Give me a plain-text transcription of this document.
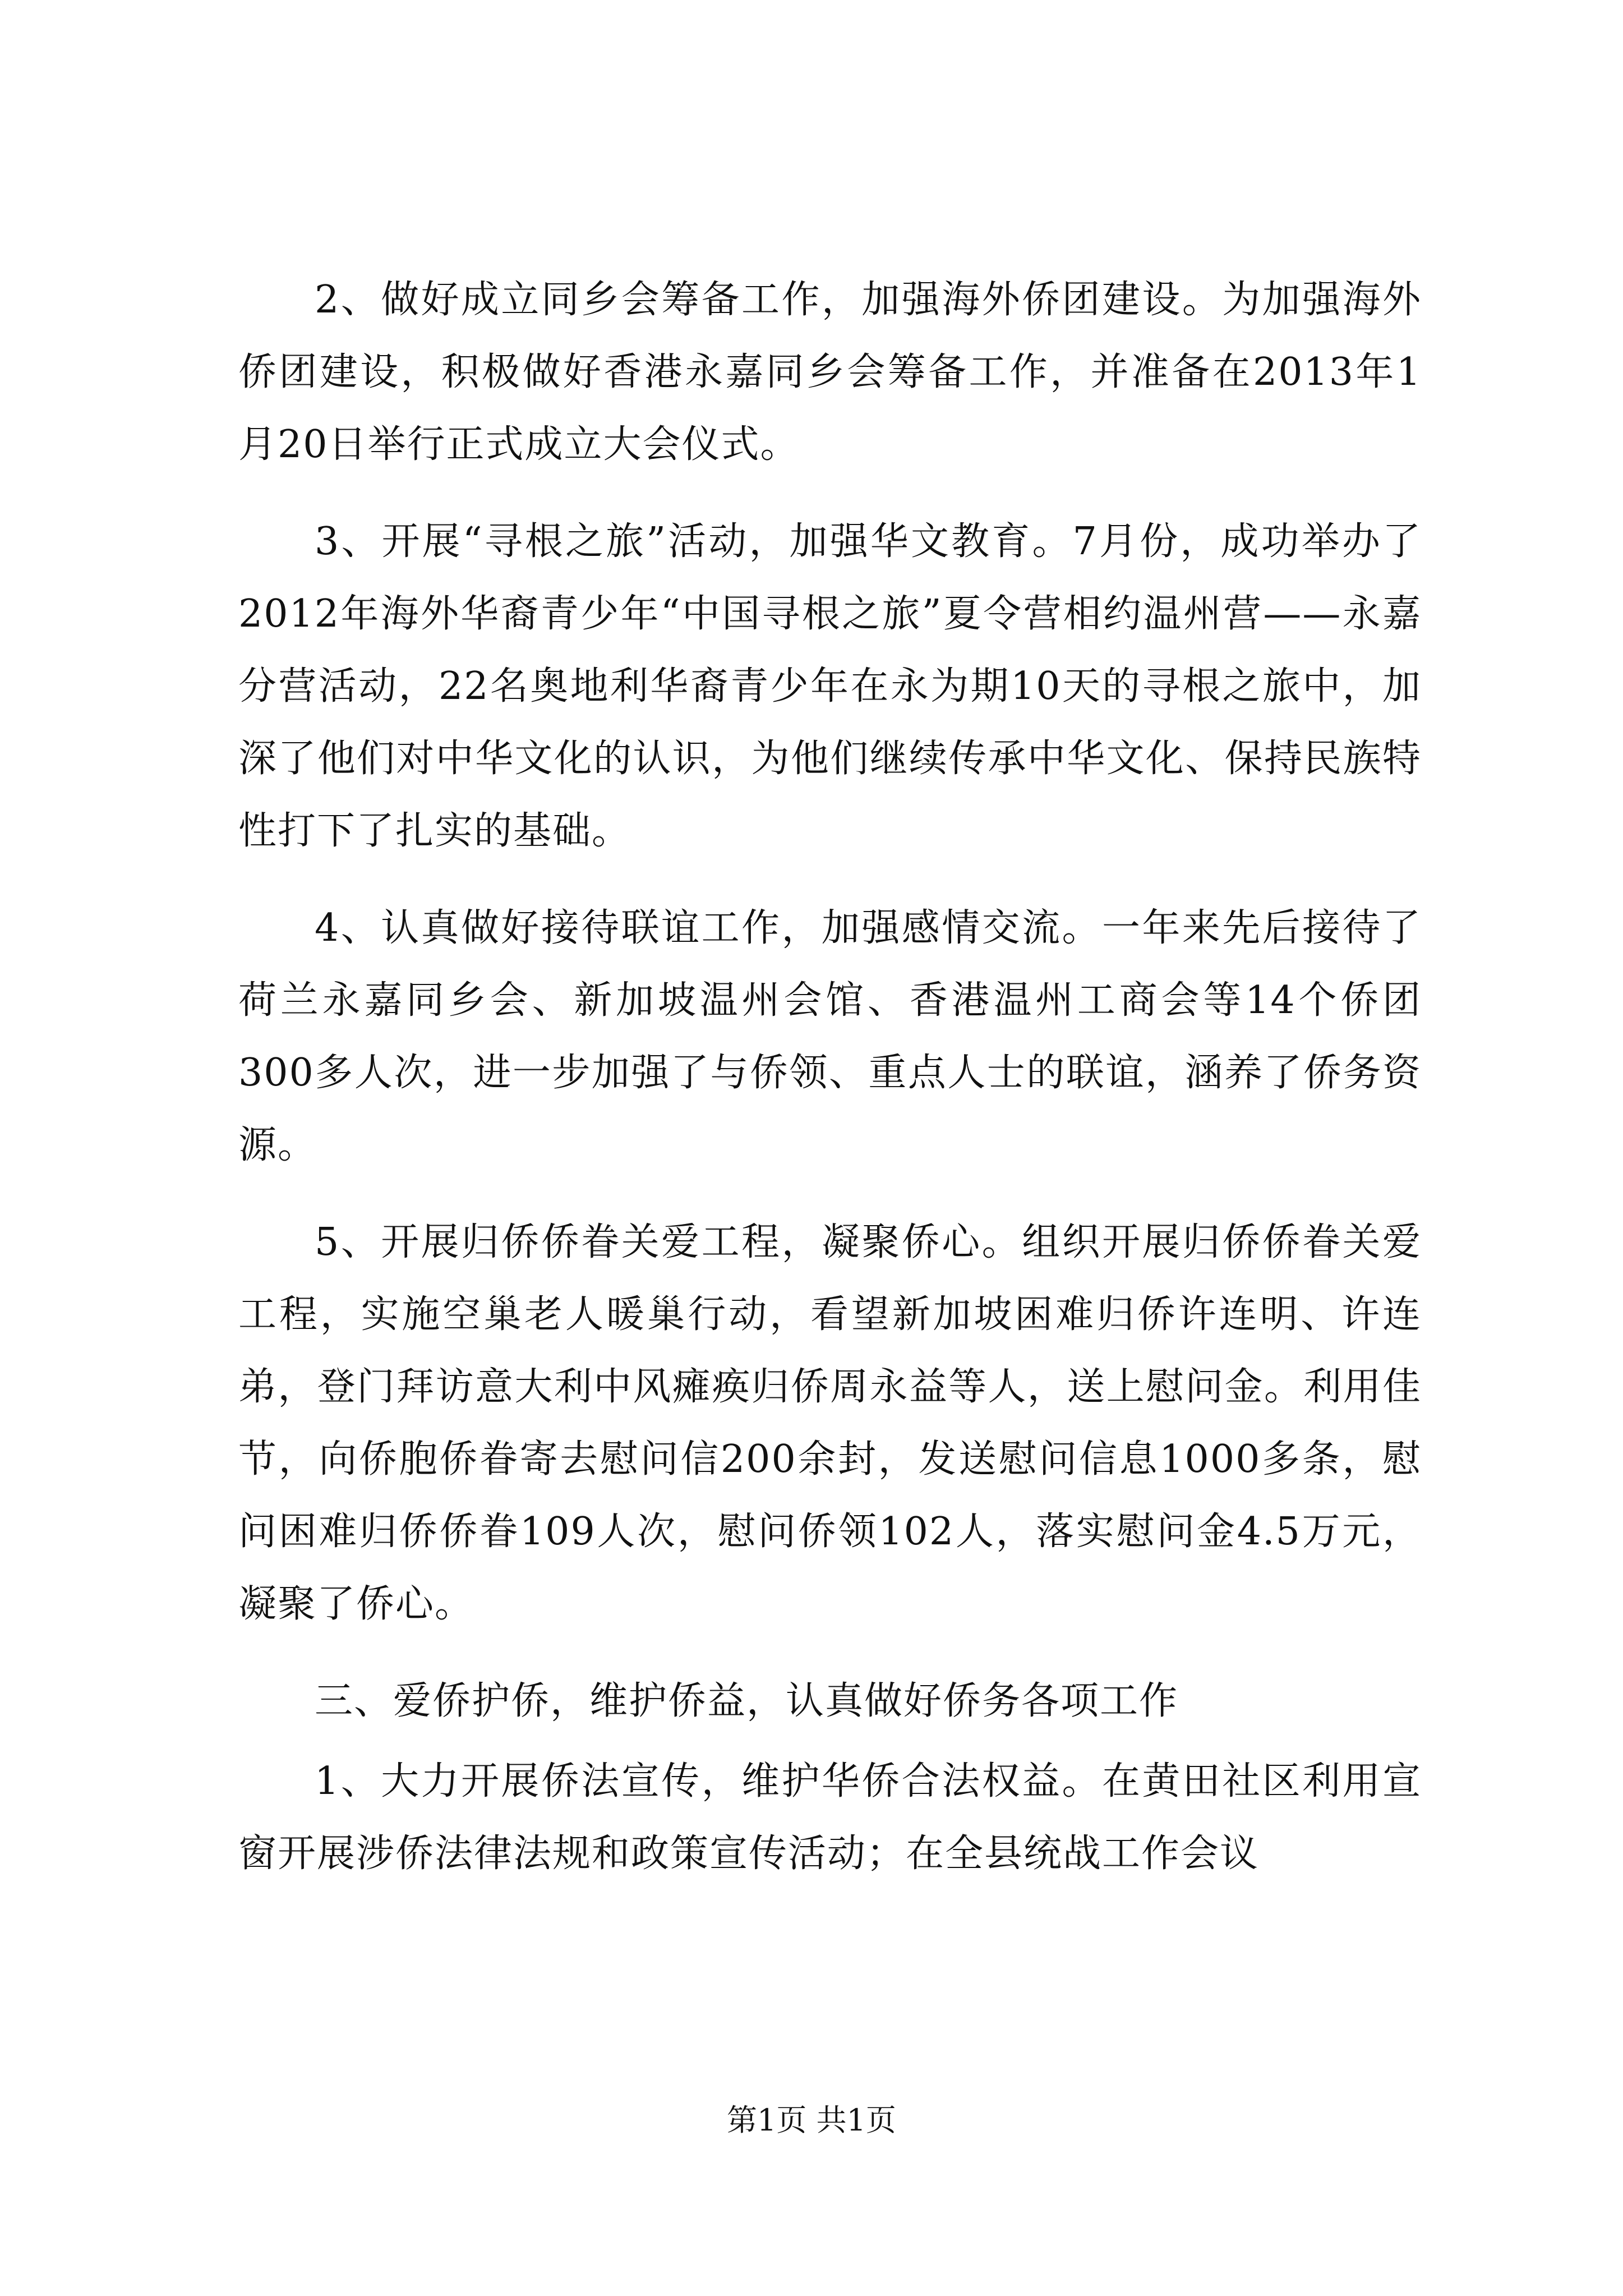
2、做好成立同乡会筹备工作，加强海外侨团建设。为加强海外侨团建设，积极做好香港永嘉同乡会筹备工作，并准备在2013年1月20日举行正式成立大会仪式。

3、开展“寻根之旅”活动，加强华文教育。7月份，成功举办了2012年海外华裔青少年“中国寻根之旅”夏令营相约温州营——永嘉分营活动，22名奥地利华裔青少年在永为期10天的寻根之旅中，加深了他们对中华文化的认识，为他们继续传承中华文化、保持民族特性打下了扎实的基础。

4、认真做好接待联谊工作，加强感情交流。一年来先后接待了荷兰永嘉同乡会、新加坡温州会馆、香港温州工商会等14个侨团300多人次，进一步加强了与侨领、重点人士的联谊，涵养了侨务资源。

5、开展归侨侨眷关爱工程，凝聚侨心。组织开展归侨侨眷关爱工程，实施空巢老人暖巢行动，看望新加坡困难归侨许连明、许连弟，登门拜访意大利中风瘫痪归侨周永益等人，送上慰问金。利用佳节，向侨胞侨眷寄去慰问信200余封，发送慰问信息1000多条，慰问困难归侨侨眷109人次，慰问侨领102人，落实慰问金4.5万元，凝聚了侨心。

三、爱侨护侨，维护侨益，认真做好侨务各项工作

1、大力开展侨法宣传，维护华侨合法权益。在黄田社区利用宣窗开展涉侨法律法规和政策宣传活动；在全县统战工作会议

第1页 共1页
